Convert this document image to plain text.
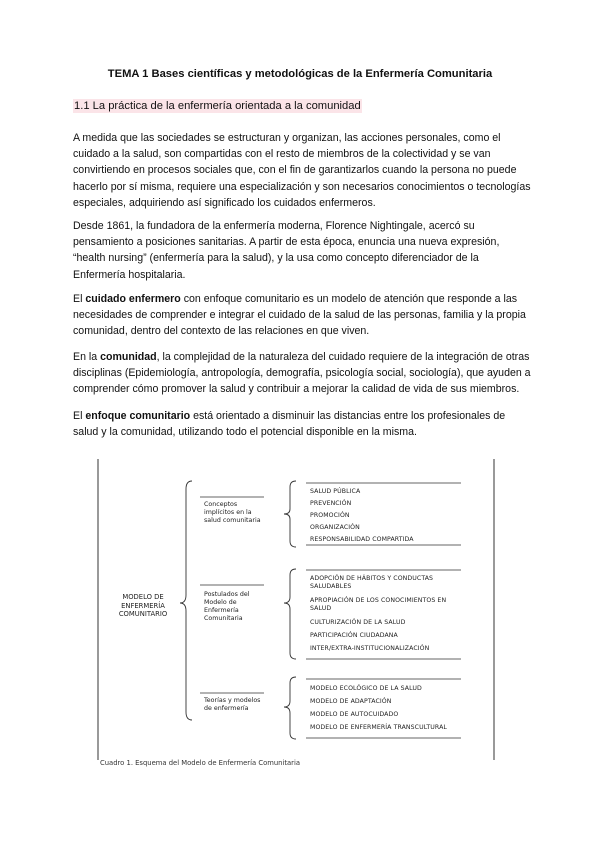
TEMA 1 Bases científicas y metodológicas de la Enfermería Comunitaria
1.1 La práctica de la enfermería orientada a la comunidad

A medida que las sociedades se estructuran y organizan, las acciones personales, como el cuidado a la salud, son compartidas con el resto de miembros de la colectividad y se van convirtiendo en procesos sociales que, con el fin de garantizarlos cuando la persona no puede hacerlo por sí misma, requiere una especialización y son necesarios conocimientos o tecnologías especiales, adquiriendo así significado los cuidados enfermeros.

Desde 1861, la fundadora de la enfermería moderna, Florence Nightingale, acercó su pensamiento a posiciones sanitarias. A partir de esta época, enuncia una nueva expresión, “health nursing” (enfermería para la salud), y la usa como concepto diferenciador de la Enfermería hospitalaria.

El cuidado enfermero con enfoque comunitario es un modelo de atención que responde a las necesidades de comprender e integrar el cuidado de la salud de las personas, familia y la propia comunidad, dentro del contexto de las relaciones en que viven.

En la comunidad, la complejidad de la naturaleza del cuidado requiere de la integración de otras disciplinas (Epidemiología, antropología, demografía, psicología social, sociología), que ayuden a comprender cómo promover la salud y contribuir a mejorar la calidad de vida de sus miembros.

El enfoque comunitario está orientado a disminuir las distancias entre los profesionales de salud y la comunidad, utilizando todo el potencial disponible en la misma.

MODELO DE ENFERMERÍA COMUNITARIO
Conceptos implícitos en la salud comunitaria
Postulados del Modelo de Enfermería Comunitaria
Teorías y modelos de enfermería
SALUD PÚBLICA
PREVENCIÓN
PROMOCIÓN
ORGANIZACIÓN
RESPONSABILIDAD COMPARTIDA
ADOPCIÓN DE HÁBITOS Y CONDUCTAS SALUDABLES
APROPIACIÓN DE LOS CONOCIMIENTOS EN SALUD
CULTURIZACIÓN DE LA SALUD
PARTICIPACIÓN CIUDADANA
INTER/EXTRA-INSTITUCIONALIZACIÓN
MODELO ECOLÓGICO DE LA SALUD
MODELO DE ADAPTACIÓN
MODELO DE AUTOCUIDADO
MODELO DE ENFERMERÍA TRANSCULTURAL
Cuadro 1. Esquema del Modelo de Enfermería Comunitaria
